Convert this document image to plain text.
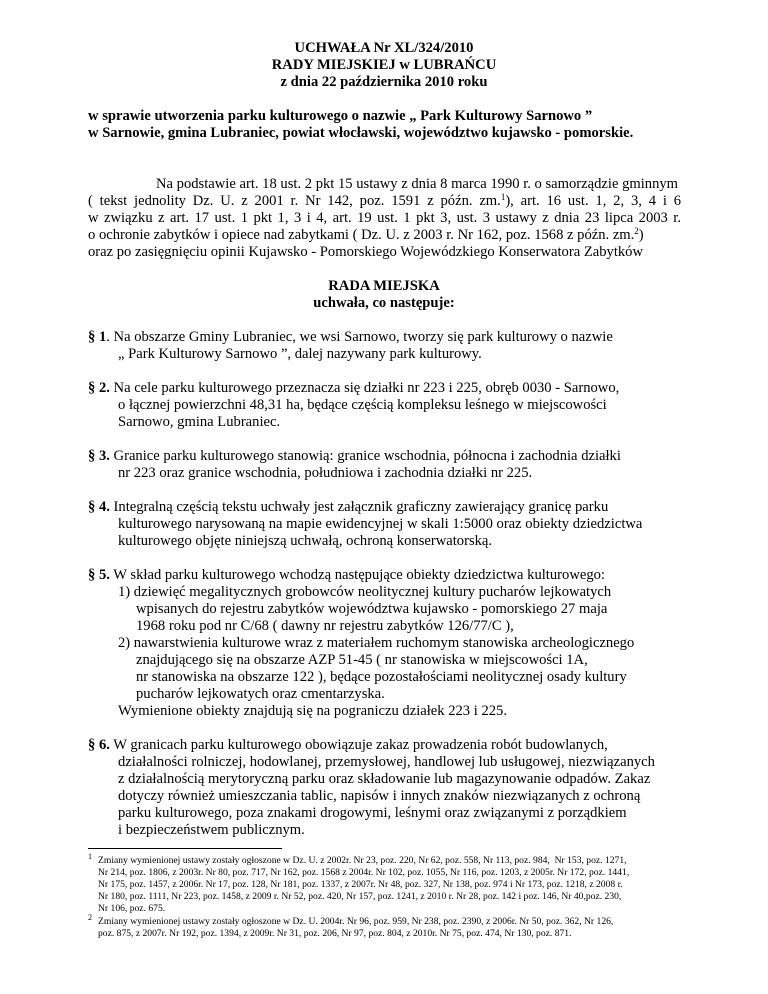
UCHWAŁA Nr XL/324/2010
RADY MIEJSKIEJ w LUBRAŃCU
z dnia 22 października 2010 roku
w sprawie utworzenia parku kulturowego o nazwie „ Park Kulturowy Sarnowo ”
w Sarnowie, gmina Lubraniec, powiat włocławski, województwo kujawsko - pomorskie.
Na podstawie art. 18 ust. 2 pkt 15 ustawy z dnia 8 marca 1990 r. o samorządzie gminnym
( tekst jednolity Dz. U. z 2001 r. Nr 142, poz. 1591 z późn. zm.$^1$), art. 16 ust. 1, 2, 3, 4 i 6
w związku z art. 17 ust. 1 pkt 1, 3 i 4, art. 19 ust. 1 pkt 3, ust. 3 ustawy z dnia 23 lipca 2003 r.
o ochronie zabytków i opiece nad zabytkami ( Dz. U. z 2003 r. Nr 162, poz. 1568 z późn. zm.$^2$)
oraz po zasięgnięciu opinii Kujawsko - Pomorskiego Wojewódzkiego Konserwatora Zabytków
RADA MIEJSKA
uchwała, co następuje:
§ 1. Na obszarze Gminy Lubraniec, we wsi Sarnowo, tworzy się park kulturowy o nazwie
„ Park Kulturowy Sarnowo ”, dalej nazywany park kulturowy.
§ 2. Na cele parku kulturowego przeznacza się działki nr 223 i 225, obręb 0030 - Sarnowo,
o łącznej powierzchni 48,31 ha, będące częścią kompleksu leśnego w miejscowości
Sarnowo, gmina Lubraniec.
§ 3. Granice parku kulturowego stanowią: granice wschodnia, północna i zachodnia działki
nr 223 oraz granice wschodnia, południowa i zachodnia działki nr 225.
§ 4. Integralną częścią tekstu uchwały jest załącznik graficzny zawierający granicę parku
kulturowego narysowaną na mapie ewidencyjnej w skali 1:5000 oraz obiekty dziedzictwa
kulturowego objęte niniejszą uchwałą, ochroną konserwatorską.
§ 5. W skład parku kulturowego wchodzą następujące obiekty dziedzictwa kulturowego:
1) dziewięć megalitycznych grobowców neolitycznej kultury pucharów lejkowatych
wpisanych do rejestru zabytków województwa kujawsko - pomorskiego 27 maja
1968 roku pod nr C/68 ( dawny nr rejestru zabytków 126/77/C ),
2) nawarstwienia kulturowe wraz z materiałem ruchomym stanowiska archeologicznego
znajdującego się na obszarze AZP 51-45 ( nr stanowiska w miejscowości 1A,
nr stanowiska na obszarze 122 ), będące pozostałościami neolitycznej osady kultury
pucharów lejkowatych oraz cmentarzyska.
Wymienione obiekty znajdują się na pograniczu działek 223 i 225.
§ 6. W granicach parku kulturowego obowiązuje zakaz prowadzenia robót budowlanych,
działalności rolniczej, hodowlanej, przemysłowej, handlowej lub usługowej, niezwiązanych
z działalnością merytoryczną parku oraz składowanie lub magazynowanie odpadów. Zakaz
dotyczy również umieszczania tablic, napisów i innych znaków niezwiązanych z ochroną
parku kulturowego, poza znakami drogowymi, leśnymi oraz związanymi z porządkiem
i bezpieczeństwem publicznym.
1 Zmiany wymienionej ustawy zostały ogłoszone w Dz. U. z 2002r. Nr 23, poz. 220, Nr 62, poz. 558, Nr 113, poz. 984,  Nr 153, poz. 1271,
Nr 214, poz. 1806, z 2003r. Nr 80, poz. 717, Nr 162, poz. 1568 z 2004r. Nr 102, poz. 1055, Nr 116, poz. 1203, z 2005r. Nr 172, poz. 1441,
Nr 175, poz. 1457, z 2006r. Nr 17, poz. 128, Nr 181, poz. 1337, z 2007r. Nr 48, poz. 327, Nr 138, poz. 974 i Nr 173, poz. 1218, z 2008 r.
Nr 180, poz. 1111, Nr 223, poz. 1458, z 2009 r. Nr 52, poz. 420, Nr 157, poz. 1241, z 2010 r. Nr 28, poz. 142 i poz. 146, Nr 40,poz. 230,
Nr 106, poz. 675.
2 Zmiany wymienionej ustawy zostały ogłoszone w Dz. U. 2004r. Nr 96, poz. 959, Nr 238, poz. 2390, z 2006r. Nr 50, poz. 362, Nr 126,
poz. 875, z 2007r. Nr 192, poz. 1394, z 2009r. Nr 31, poz. 206, Nr 97, poz. 804, z 2010r. Nr 75, poz. 474, Nr 130, poz. 871.
